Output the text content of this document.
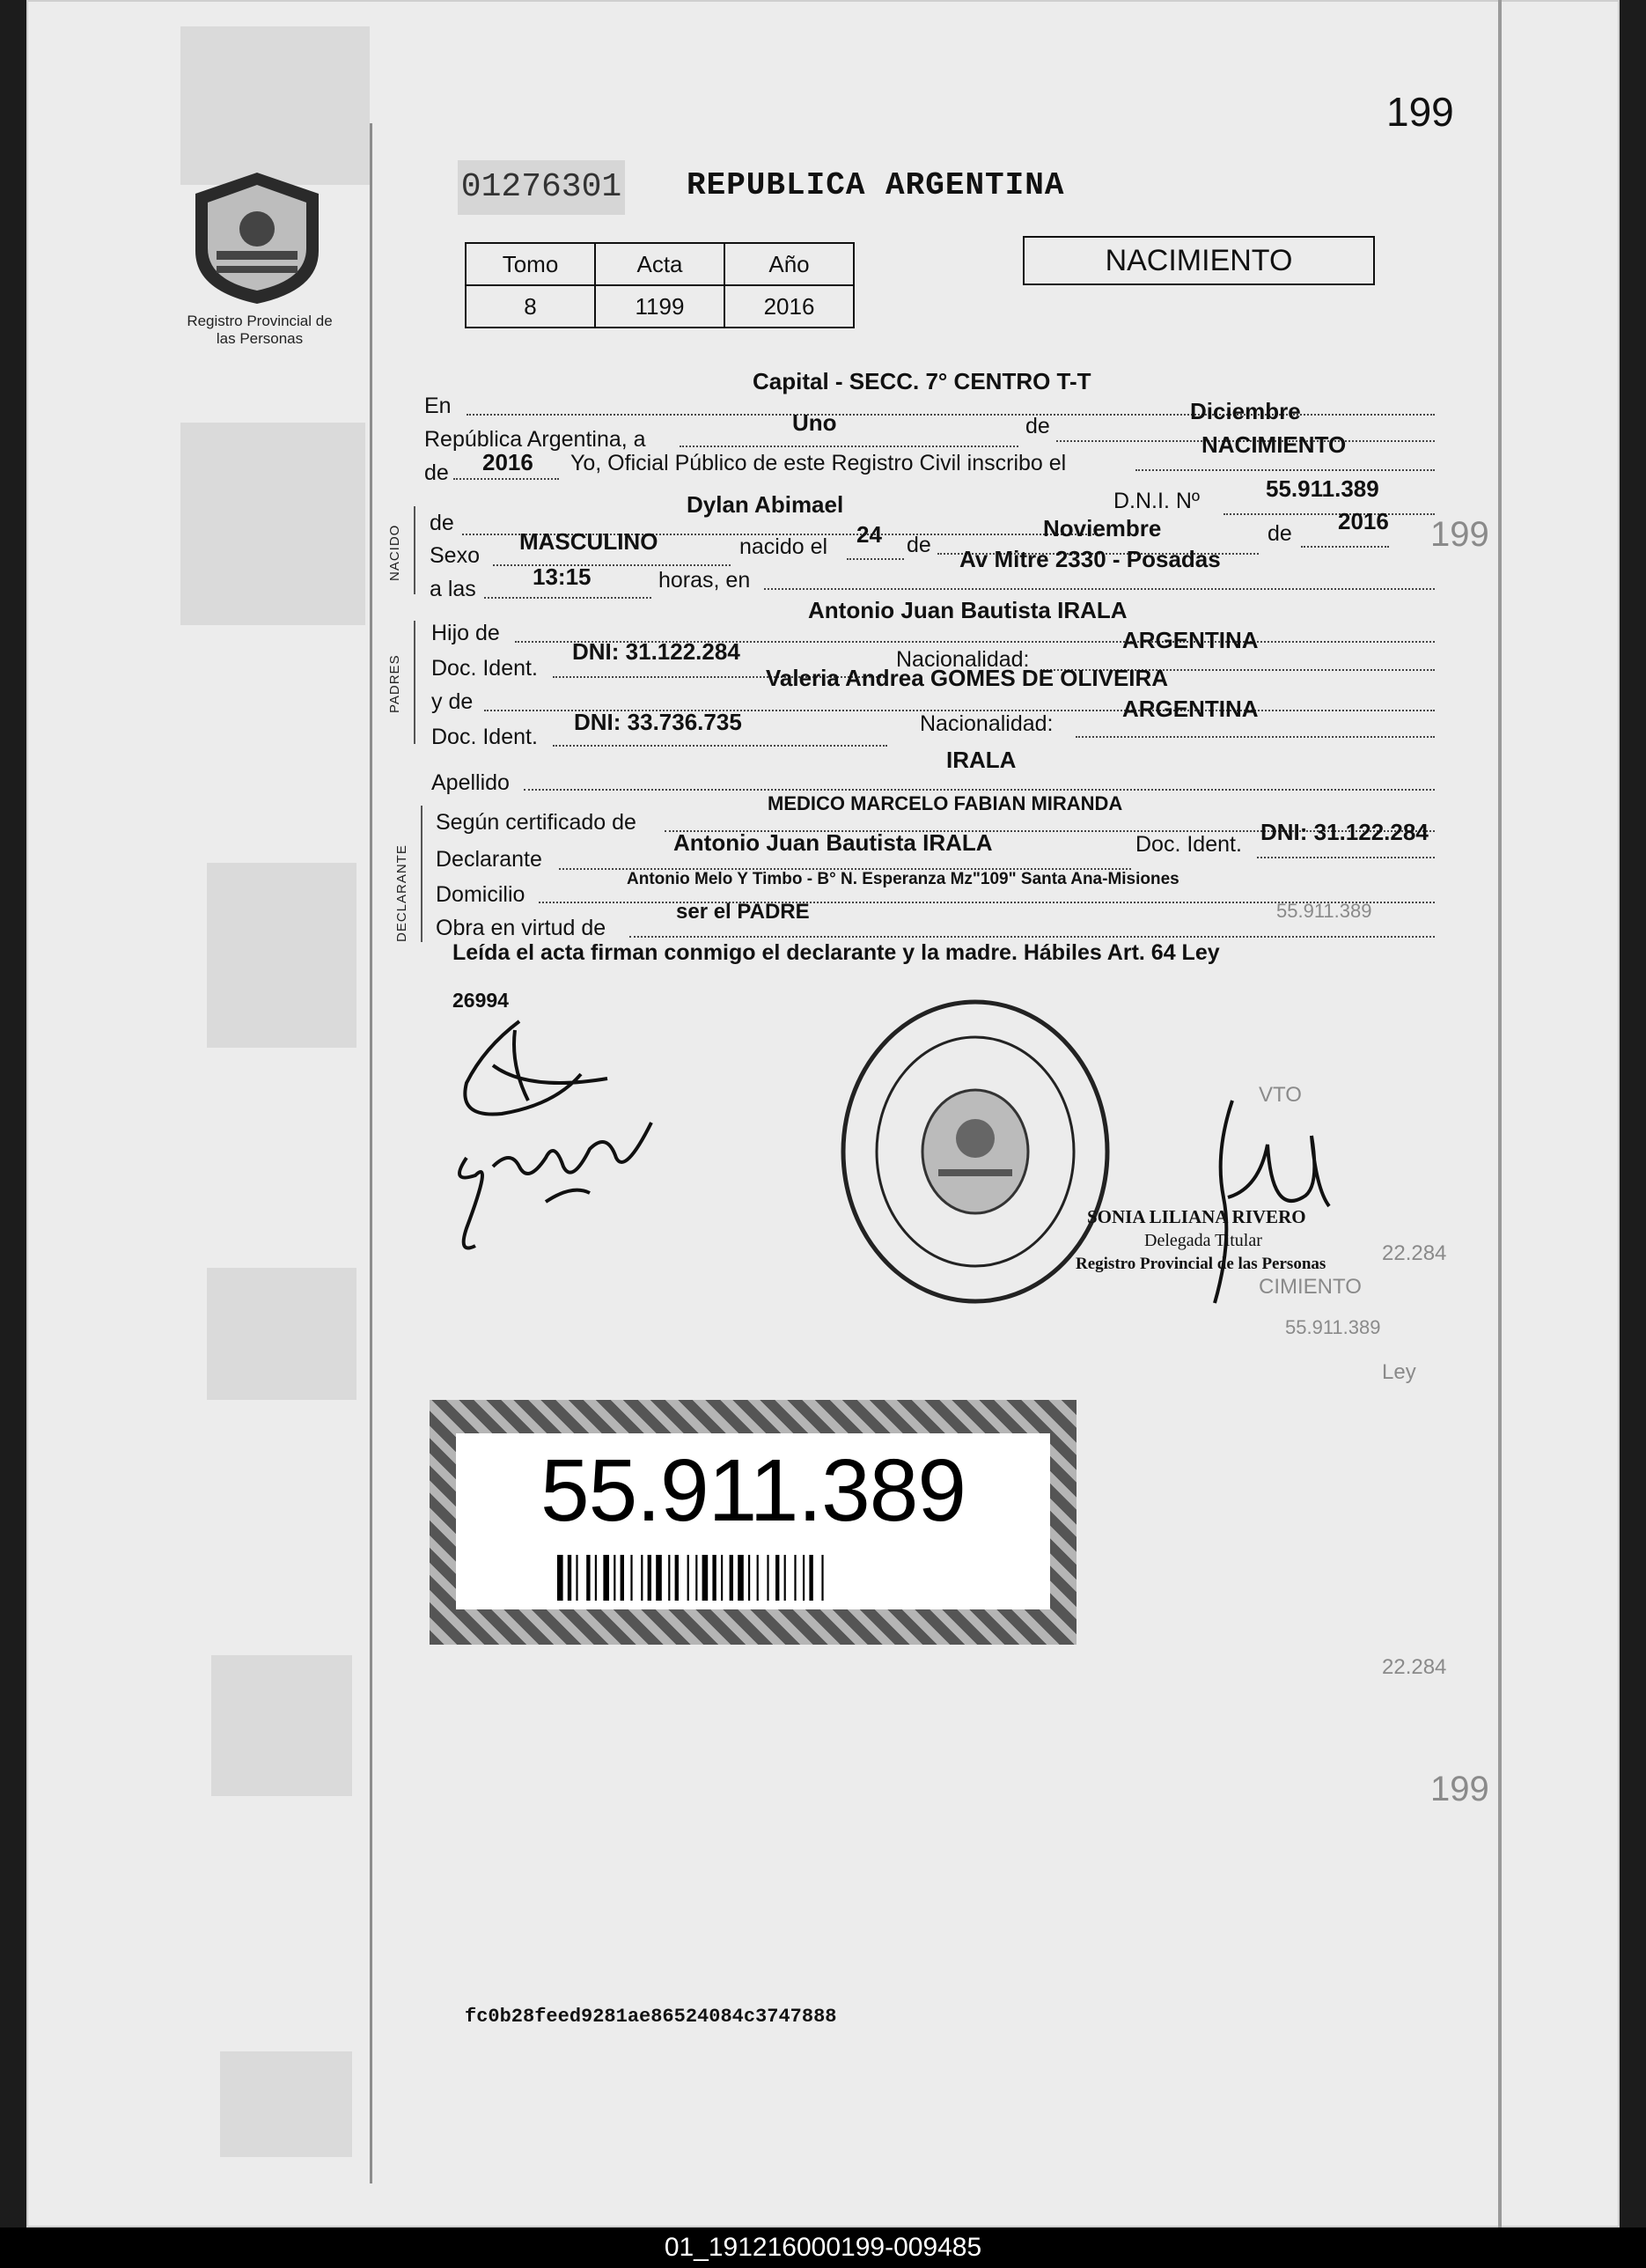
199
Registro Provincial de las Personas
01276301 REPUBLICA ARGENTINA
Tomo	Acta	Año
8	1199	2016
NACIMIENTO
NACIDO
PADRES
DECLARANTE
En
Capital - SECC. 7° CENTRO T-T
República Argentina, a
Uno	de
Diciembre
de 2016 Yo, Oficial Público de este Registro Civil inscribo el
NACIMIENTO
de
Dylan Abimael	D.N.I. Nº	55.911.389
Sexo
MASCULINO	nacido el 24 de
Noviembre	de 2016
a las 13:15	horas, en
Av Mitre 2330 - Posadas
Hijo de
Antonio Juan Bautista IRALA
Doc. Ident.
DNI: 31.122.284	Nacionalidad:
ARGENTINA
y de
Valeria Andrea GOMES DE OLIVEIRA
Doc. Ident.
DNI: 33.736.735	Nacionalidad:
ARGENTINA
Apellido
IRALA
Según certificado de
MEDICO MARCELO FABIAN MIRANDA
Declarante
Antonio Juan Bautista IRALA	Doc. Ident. DNI: 31.122.284
Domicilio
Antonio Melo Y Timbo - B° N. Esperanza Mz"109" Santa Ana-Misiones
Obra en virtud de
ser el PADRE
Leída el acta firman conmigo el declarante y la madre. Hábiles Art. 64 Ley
26994
SONIA LILIANA RIVERO
Delegada Titular
Registro Provincial de las Personas
199
55.911.389
VTO
22.284
CIMIENTO
Ley
55.911.389
22.284
199
55.911.389
fc0b28feed9281ae86524084c3747888
01_191216000199-009485
